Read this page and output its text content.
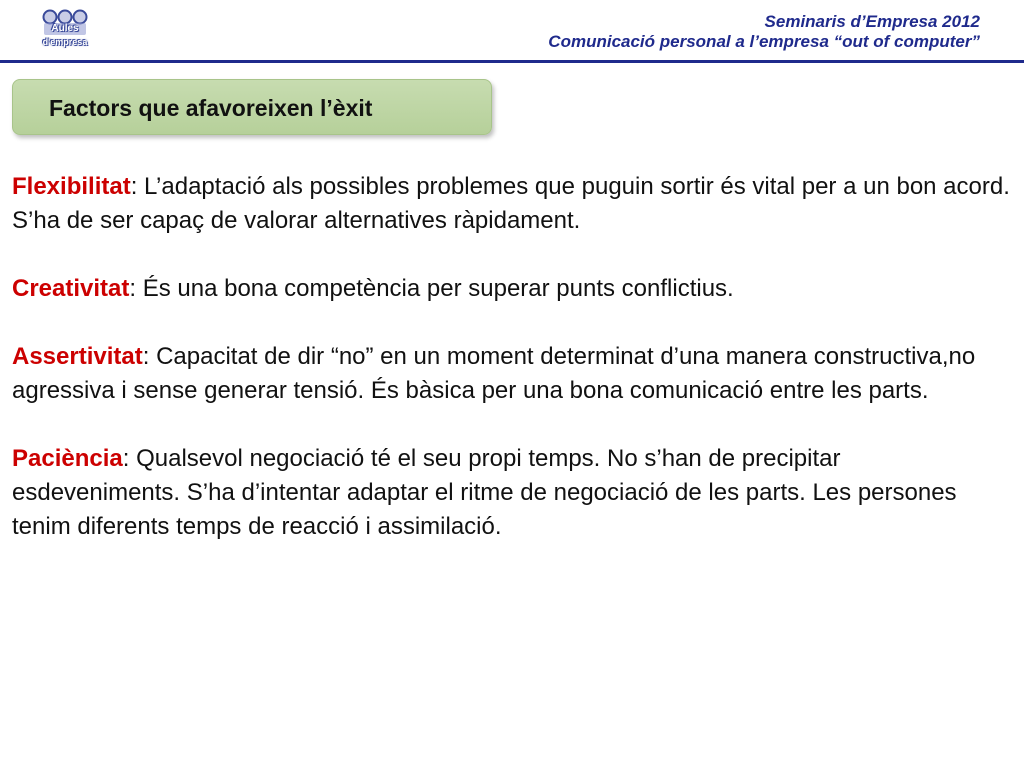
Aules
d'empresa
Seminaris d’Empresa 2012
Comunicació personal a l’empresa “out of computer”
Factors que afavoreixen l’èxit

Flexibilitat: L’adaptació als possibles problemes que puguin sortir és vital per a un bon acord. S’ha de ser capaç de valorar alternatives ràpidament.

Creativitat: És una bona competència per superar punts conflictius.

Assertivitat: Capacitat de dir “no” en un moment determinat d’una manera constructiva,no agressiva i sense generar tensió. És bàsica per una bona comunicació entre les parts.

Paciència: Qualsevol negociació té el seu propi temps. No s’han de precipitar esdeveniments. S’ha d’intentar adaptar el ritme de negociació de les parts. Les persones tenim diferents temps de reacció i assimilació.
